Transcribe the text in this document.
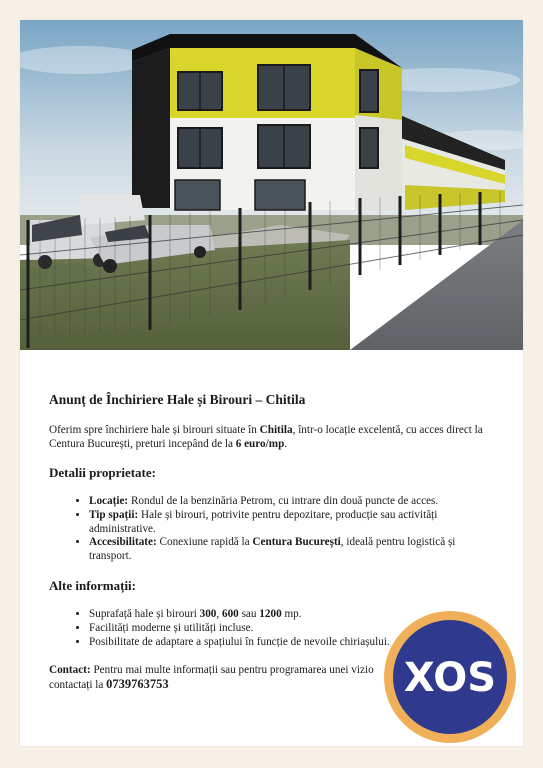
Anunț de Închiriere Hale și Birouri – Chitila

Oferim spre închiriere hale și birouri situate în Chitila, într-o locație excelentă, cu acces direct la Centura București, preturi incepând de la 6 euro/mp.

Detalii proprietate:
• Locație: Rondul de la benzinăria Petrom, cu intrare din două puncte de acces.
• Tip spații: Hale și birouri, potrivite pentru depozitare, producție sau activități administrative.
• Accesibilitate: Conexiune rapidă la Centura București, ideală pentru logistică și transport.
Alte informații:
• Suprafață hale și birouri 300, 600 sau 1200 mp.
• Facilități moderne și utilități incluse.
• Posibilitate de adaptare a spațiului în funcție de nevoile chiriașului.

Contact: Pentru mai multe informații sau pentru programarea unei vizio
contactați la 0739763753	XOS
